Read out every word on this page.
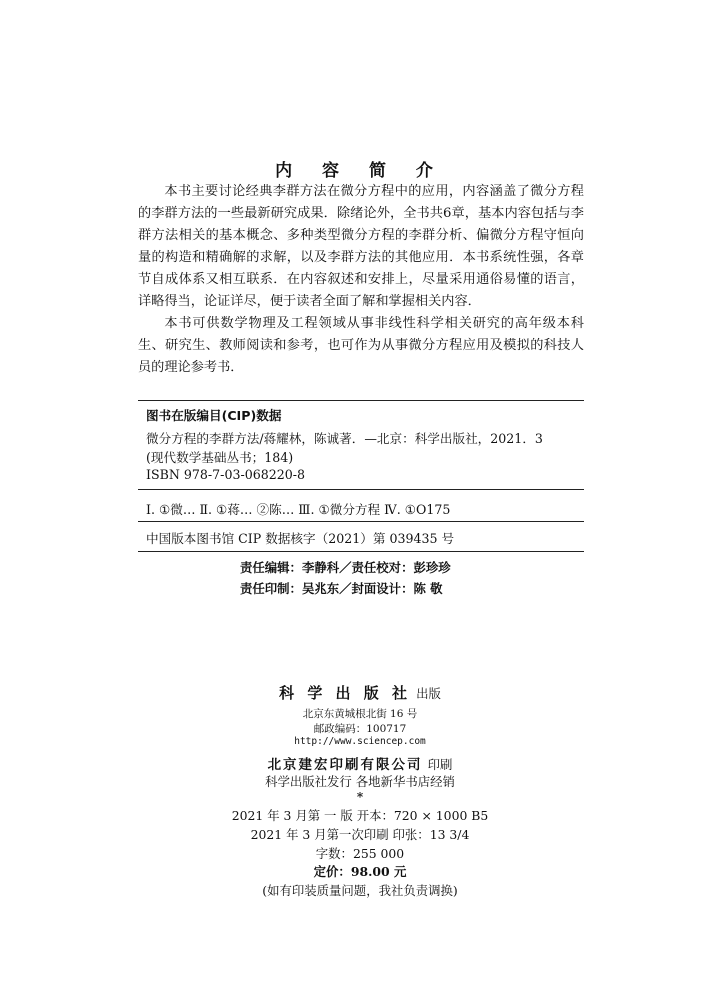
内 容 简 介

本书主要讨论经典李群方法在微分方程中的应用，内容涵盖了微分方程的李群方法的一些最新研究成果．除绪论外，全书共6章，基本内容包括与李群方法相关的基本概念、多种类型微分方程的李群分析、偏微分方程守恒向量的构造和精确解的求解，以及李群方法的其他应用．本书系统性强，各章节自成体系又相互联系．在内容叙述和安排上，尽量采用通俗易懂的语言，详略得当，论证详尽，便于读者全面了解和掌握相关内容．

本书可供数学物理及工程领域从事非线性科学相关研究的高年级本科生、研究生、教师阅读和参考，也可作为从事微分方程应用及模拟的科技人员的理论参考书．

图书在版编目(CIP)数据
微分方程的李群方法/蒋耀林，陈诚著．—北京：科学出版社，2021．3
(现代数学基础丛书；184)
ISBN 978-7-03-068220-8
Ⅰ. ①微… Ⅱ. ①蒋… ②陈… Ⅲ. ①微分方程 Ⅳ. ①O175
中国版本图书馆 CIP 数据核字（2021）第 039435 号
责任编辑：李静科／责任校对：彭珍珍
责任印制：吴兆东／封面设计：陈 敬
科 学 出 版 社 出版
北京东黄城根北街 16 号
邮政编码：100717
http://www.sciencep.com
北京建宏印刷有限公司 印刷
科学出版社发行 各地新华书店经销
*
2021 年 3 月第 一 版 开本：720 × 1000 B5
2021 年 3 月第一次印刷 印张：13 3/4
字数：255 000
定价：98.00 元
(如有印装质量问题，我社负责调换)
